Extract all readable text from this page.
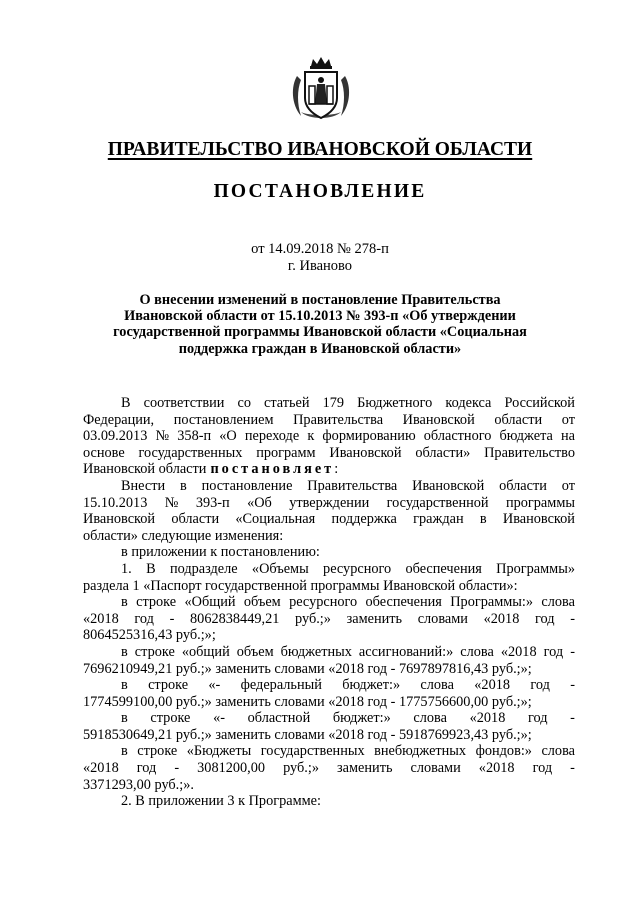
ПРАВИТЕЛЬСТВО ИВАНОВСКОЙ ОБЛАСТИ
ПОСТАНОВЛЕНИЕ
от 14.09.2018 № 278-п
г. Иваново
О внесении изменений в постановление Правительства
Ивановской области от 15.10.2013 № 393-п «Об утверждении
государственной программы Ивановской области «Социальная
поддержка граждан в Ивановской области»
В соответствии со статьей 179 Бюджетного кодекса Российской
Федерации, постановлением Правительства Ивановской области от
03.09.2013 № 358-п «О переходе к формированию областного бюджета на
основе государственных программ Ивановской области» Правительство
Ивановской области постановляет :
Внести в постановление Правительства Ивановской области от
15.10.2013 № 393-п «Об утверждении государственной программы
Ивановской области «Социальная поддержка граждан в Ивановской
области» следующие изменения:
в приложении к постановлению:
1. В подразделе «Объемы ресурсного обеспечения Программы»
раздела 1 «Паспорт государственной программы Ивановской области»:
в строке «Общий объем ресурсного обеспечения Программы:» слова
«2018 год - 8062838449,21 руб.;» заменить словами «2018 год -
8064525316,43 руб.;»;
в строке «общий объем бюджетных ассигнований:» слова «2018 год -
7696210949,21 руб.;» заменить словами «2018 год - 7697897816,43 руб.;»;
в строке «- федеральный бюджет:» слова «2018 год -
1774599100,00 руб.;» заменить словами «2018 год - 1775756600,00 руб.;»;
в строке «- областной бюджет:» слова «2018 год -
5918530649,21 руб.;» заменить словами «2018 год - 5918769923,43 руб.;»;
в строке «Бюджеты государственных внебюджетных фондов:» слова
«2018 год - 3081200,00 руб.;» заменить словами «2018 год -
3371293,00 руб.;».
2. В приложении 3 к Программе:
